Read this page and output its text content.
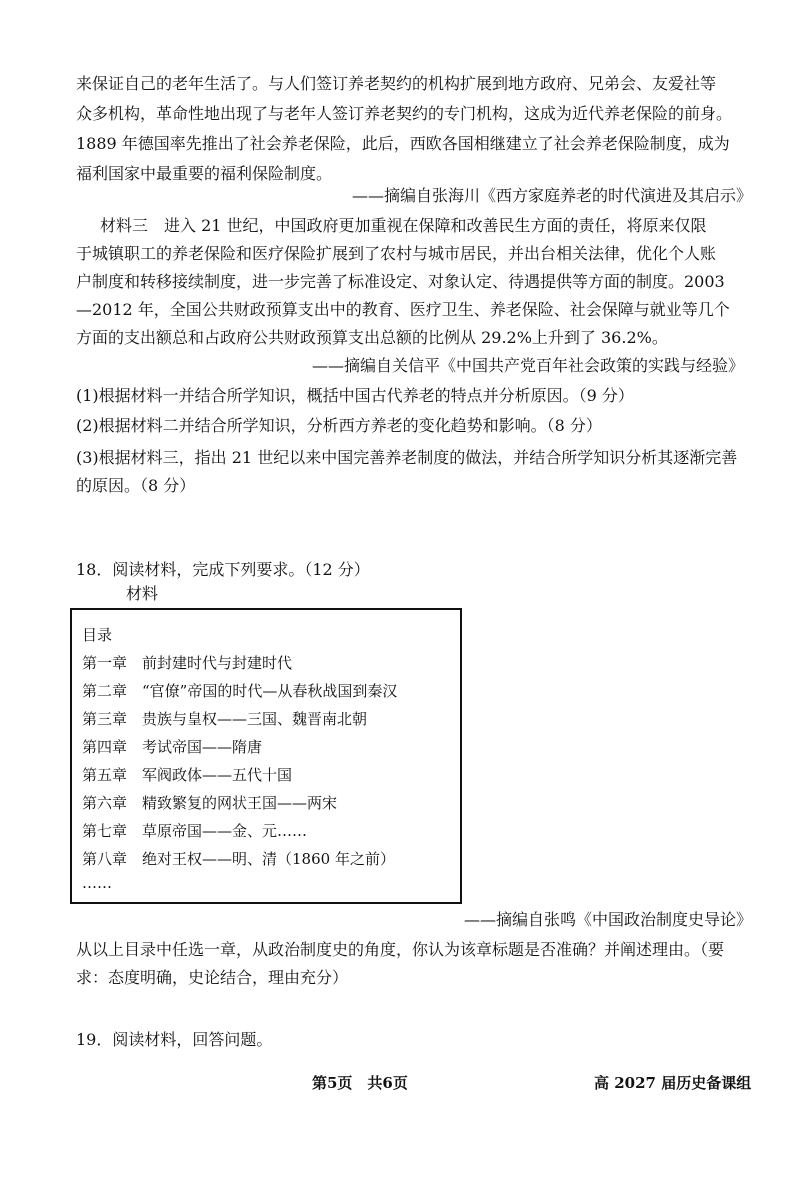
来保证自己的老年生活了。与人们签订养老契约的机构扩展到地方政府、兄弟会、友爱社等
众多机构，革命性地出现了与老年人签订养老契约的专门机构，这成为近代养老保险的前身。
1889 年德国率先推出了社会养老保险，此后，西欧各国相继建立了社会养老保险制度，成为
福利国家中最重要的福利保险制度。
——摘编自张海川《西方家庭养老的时代演进及其启示》
材料三　进入 21 世纪，中国政府更加重视在保障和改善民生方面的责任，将原来仅限
于城镇职工的养老保险和医疗保险扩展到了农村与城市居民，并出台相关法律，优化个人账
户制度和转移接续制度，进一步完善了标准设定、对象认定、待遇提供等方面的制度。2003
—2012 年，全国公共财政预算支出中的教育、医疗卫生、养老保险、社会保障与就业等几个
方面的支出额总和占政府公共财政预算支出总额的比例从 29.2%上升到了 36.2%。
——摘编自关信平《中国共产党百年社会政策的实践与经验》
(1)根据材料一并结合所学知识，概括中国古代养老的特点并分析原因。（9 分）
(2)根据材料二并结合所学知识，分析西方养老的变化趋势和影响。（8 分）
(3)根据材料三，指出 21 世纪以来中国完善养老制度的做法，并结合所学知识分析其逐渐完善
的原因。（8 分）
18．阅读材料，完成下列要求。（12 分）
材料
目录
第一章　前封建时代与封建时代
第二章　“官僚”帝国的时代—从春秋战国到秦汉
第三章　贵族与皇权——三国、魏晋南北朝
第四章　考试帝国——隋唐
第五章　军阀政体——五代十国
第六章　精致繁复的网状王国——两宋
第七章　草原帝国——金、元……
第八章　绝对王权——明、清（1860 年之前）
……
——摘编自张鸣《中国政治制度史导论》
从以上目录中任选一章，从政治制度史的角度，你认为该章标题是否准确？并阐述理由。（要
求：态度明确，史论结合，理由充分）
19．阅读材料，回答问题。
第5页　共6页	高 2027 届历史备课组
